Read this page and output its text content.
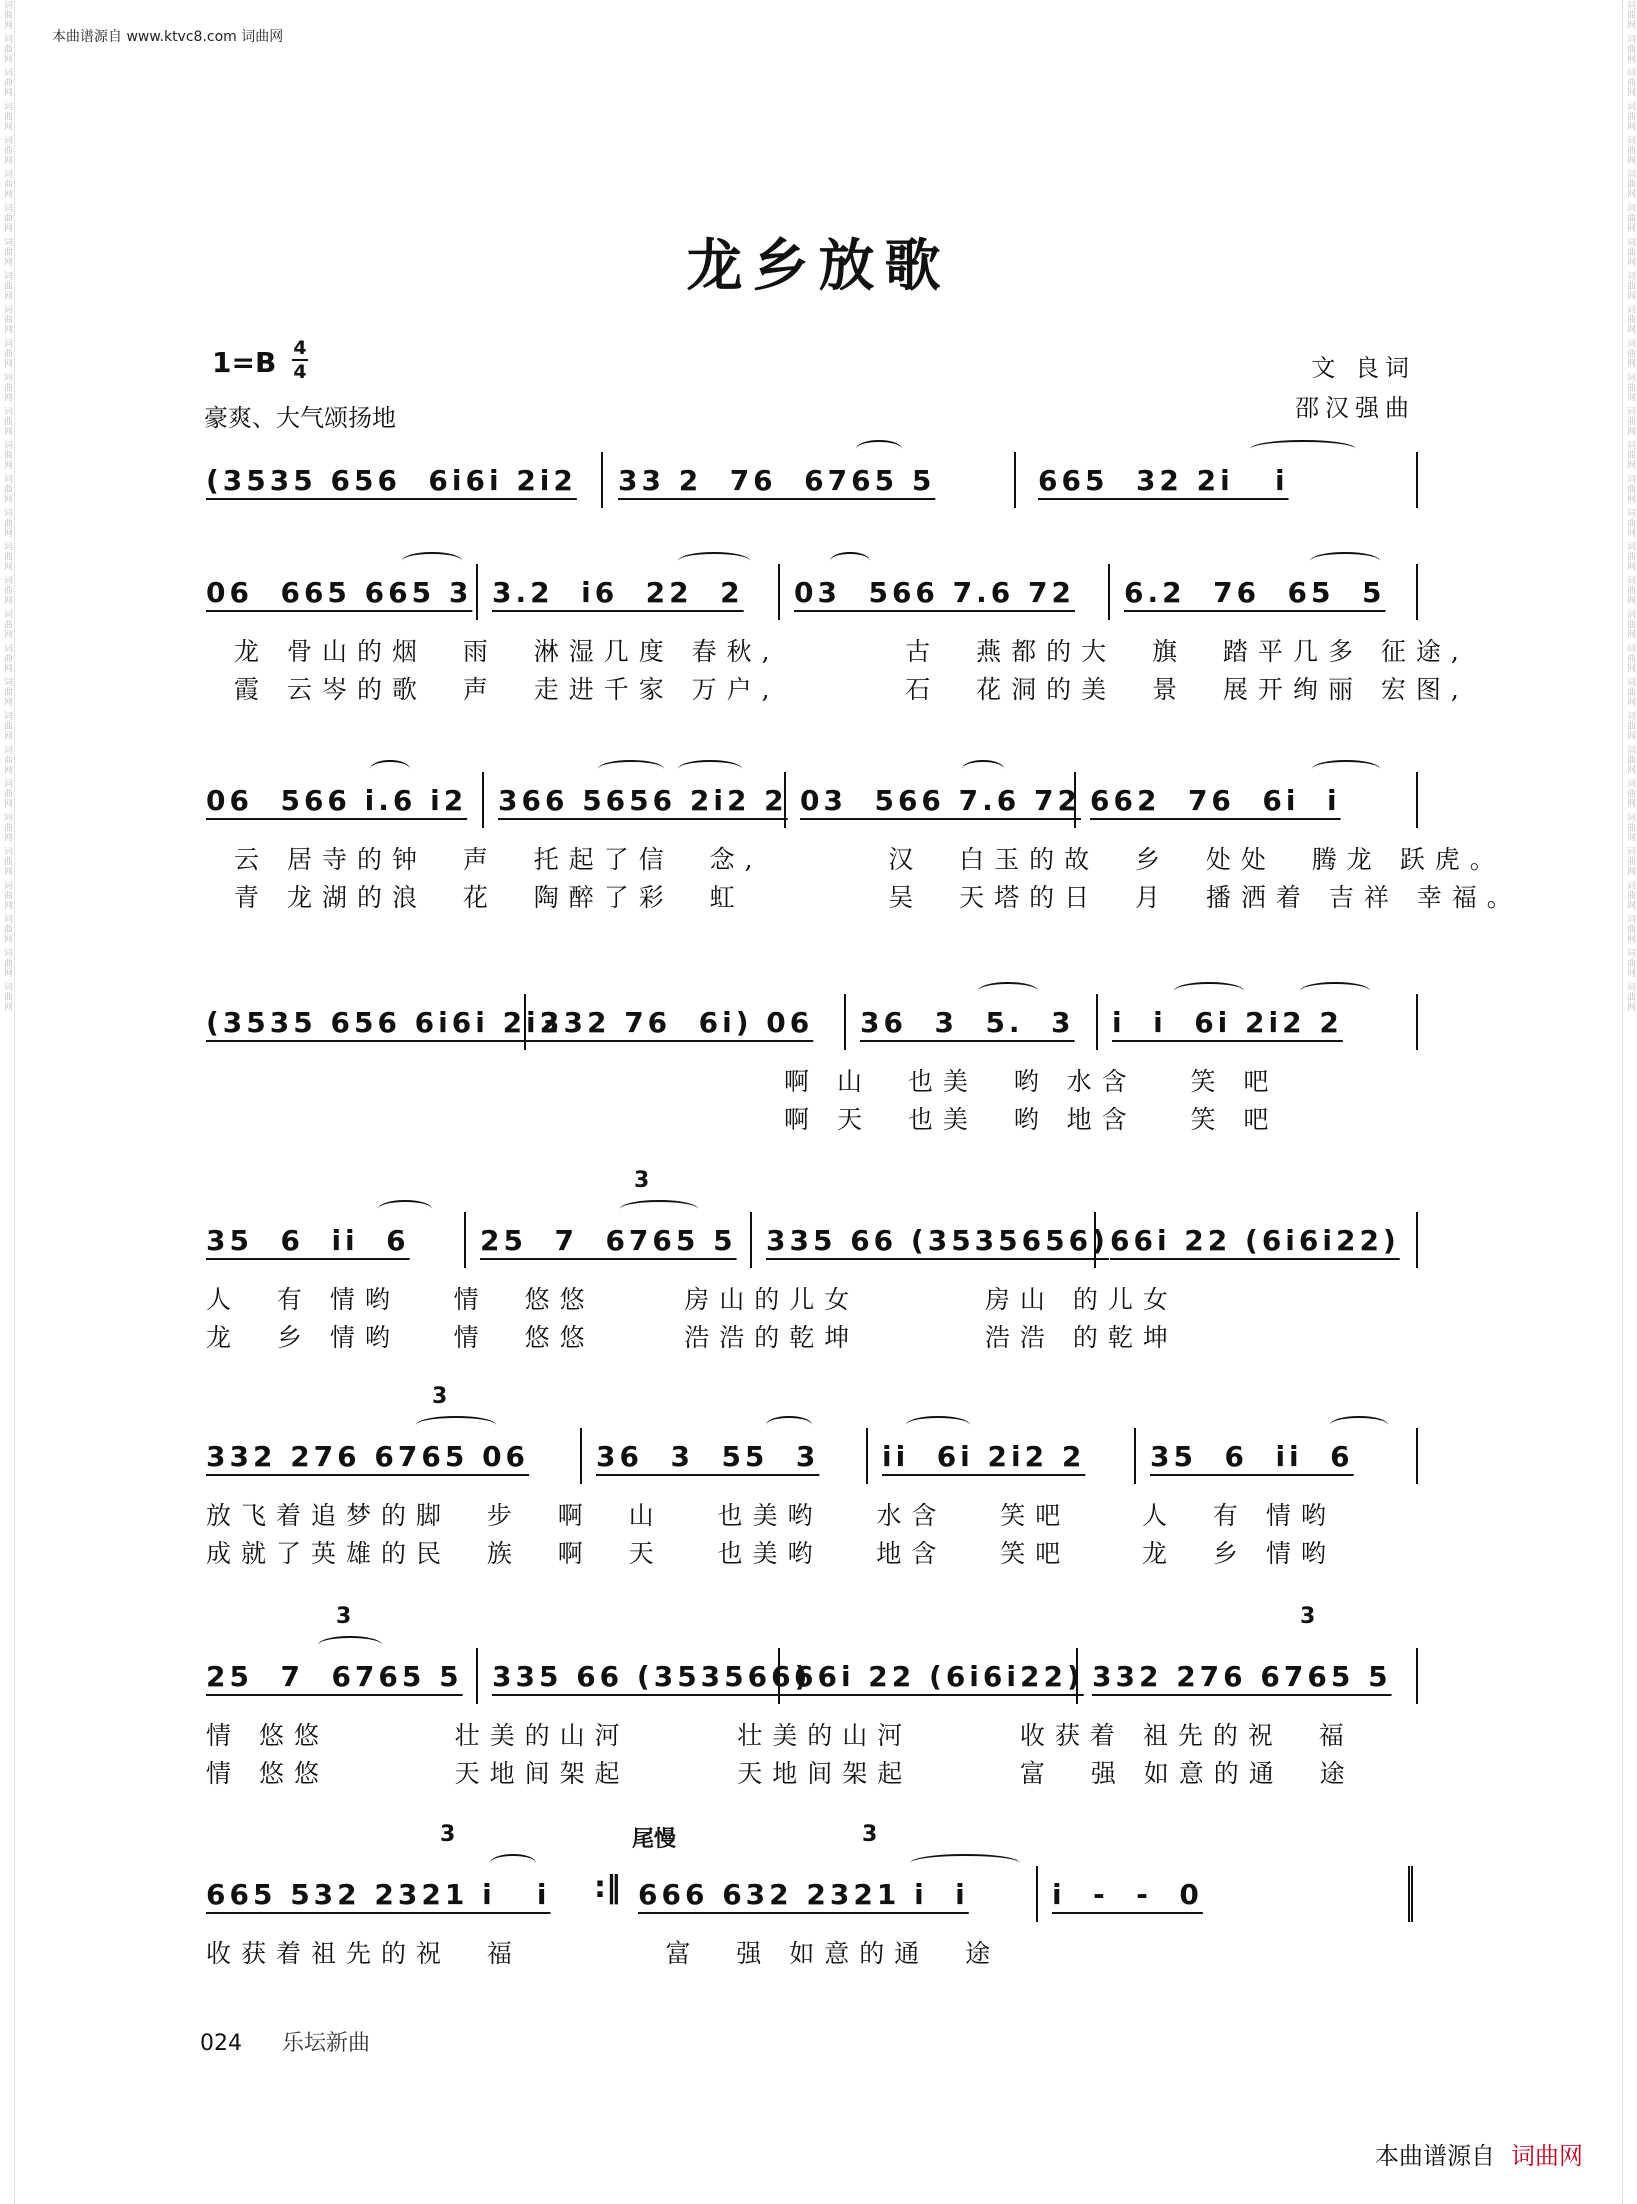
词曲网 词曲网 词曲网 词曲网 词曲网 词曲网 词曲网 词曲网 词曲网 词曲网 词曲网 词曲网 词曲网 词曲网 词曲网 词曲网 词曲网 词曲网 词曲网 词曲网 词曲网 词曲网 词曲网 词曲网 词曲网 词曲网 词曲网 词曲网 词曲网 词曲网	词曲网 词曲网 词曲网 词曲网 词曲网 词曲网 词曲网 词曲网 词曲网 词曲网 词曲网 词曲网 词曲网 词曲网 词曲网 词曲网 词曲网 词曲网 词曲网 词曲网 词曲网 词曲网 词曲网 词曲网 词曲网 词曲网 词曲网 词曲网 词曲网 词曲网
本曲谱源自 www.ktvc8.com 词曲网
龙乡放歌
1=B 4
4
豪爽、大气颂扬地
文 良词
邵汉强曲
(3535 656  6i6i 2i2 33 2  76  6765 5	665  32 2i   i
06  665 665 3 3.2  i6  22  2 03  566 7.6 72 6.2  76  65  5
龙 骨山的烟  雨  淋湿几度 春秋,       古  燕都的大  旗  踏平几多 征途,
霞 云岑的歌  声  走进千家 万户,       石  花洞的美  景  展开绚丽 宏图,
06  566 i.6 i2 366 5656 2i2 2 03  566 7.6 72 662  76  6i  i
云 居寺的钟  声  托起了信  念,       汉  白玉的故  乡  处处  腾龙 跃虎。
青 龙湖的浪  花  陶醉了彩  虹        吴  天塔的日  月  播洒着 吉祥 幸福。
(3535 656 6i6i 2i2
332 76  6i) 06 36  3  5.  3 i  i  6i 2i2 2
啊 山  也美  哟 水含   笑 吧
啊 天  也美  哟 地含   笑 吧
35  6  ii  6	25  7  6765 5
3
335 66 (3535656) 66i 22 (6i6i22)
人  有 情哟   情  悠悠     房山的儿女       房山 的儿女
龙  乡 情哟   情  悠悠     浩浩的乾坤       浩浩 的乾坤
332 276 6765 06
3
36  3  55  3 ii  6i 2i2 2 35  6  ii  6
放飞着追梦的脚  步  啊  山   也美哟   水含   笑吧    人  有 情哟
成就了英雄的民  族  啊  天   也美哟   地含   笑吧    龙  乡 情哟
25  7  6765 5
3
335 66 (353566)
66i 22 (6i6i22) 332 276 6765 5
3
情 悠悠       壮美的山河      壮美的山河      收获着 祖先的祝  福
情 悠悠       天地间架起      天地间架起      富  强 如意的通  途
665 532 2321 i   i
3
:‖
尾慢
666 632 2321 i  i
3
i  -  -  0
收获着祖先的祝  福        富  强 如意的通  途
024 乐坛新曲
本曲谱源自 词曲网
